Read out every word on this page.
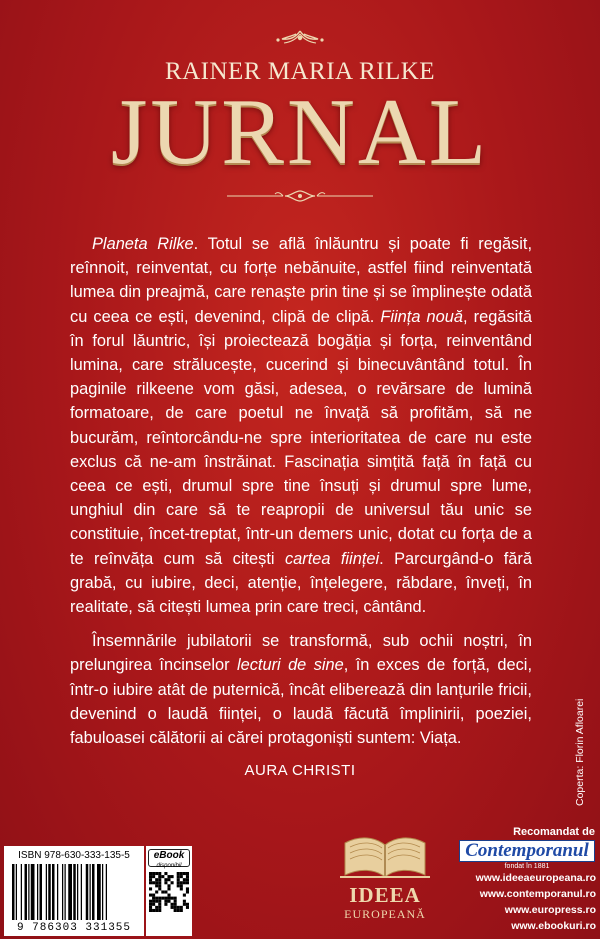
RAINER MARIA RILKE
JURNAL

Planeta Rilke. Totul se află înlăuntru și poate fi regăsit, reînnoit, reinventat, cu forțe nebănuite, astfel fiind reinventată lumea din preajmă, care renaște prin tine și se împlinește odată cu ceea ce ești, devenind, clipă de clipă. Ființa nouă, regăsită în forul lăuntric, își proiectează bogăția și forța, reinventând lumina, care strălucește, cucerind și binecuvântând totul. În paginile rilkeene vom găsi, adesea, o revărsare de lumină formatoare, de care poetul ne învață să profităm, să ne bucurăm, reîntorcându-ne spre interioritatea de care nu este exclus că ne-am înstrăinat. Fascinația simțită față în față cu ceea ce ești, drumul spre tine însuți și drumul spre lume, unghiul din care să te reapropii de universul tău unic se constituie, încet-treptat, într-un demers unic, dotat cu forța de a te reînvăța cum să citești cartea ființei. Parcurgând-o fără grabă, cu iubire, deci, atenție, înțelegere, răbdare, înveți, în realitate, să citești lumea prin care treci, cântând.

Însemnările jubilatorii se transformă, sub ochii noștri, în prelungirea încinselor lecturi de sine, în exces de forță, deci, într-o iubire atât de puternică, încât eliberează din lanțurile fricii, devenind o laudă ființei, o laudă făcută împlinirii, poeziei, fabuloasei călătorii ai cărei protagoniști suntem: Viața.

AURA CHRISTI	Coperta: Florin Afloarei
ISBN 978-630-333-135-5
9 786303 331355
eBook
disponibil
IDEEA
EUROPEANĂ
Recomandat de
Contemporanul
fondat în 1881
www.ideeaeuropeana.ro
www.contemporanul.ro
www.europress.ro
www.ebookuri.ro
